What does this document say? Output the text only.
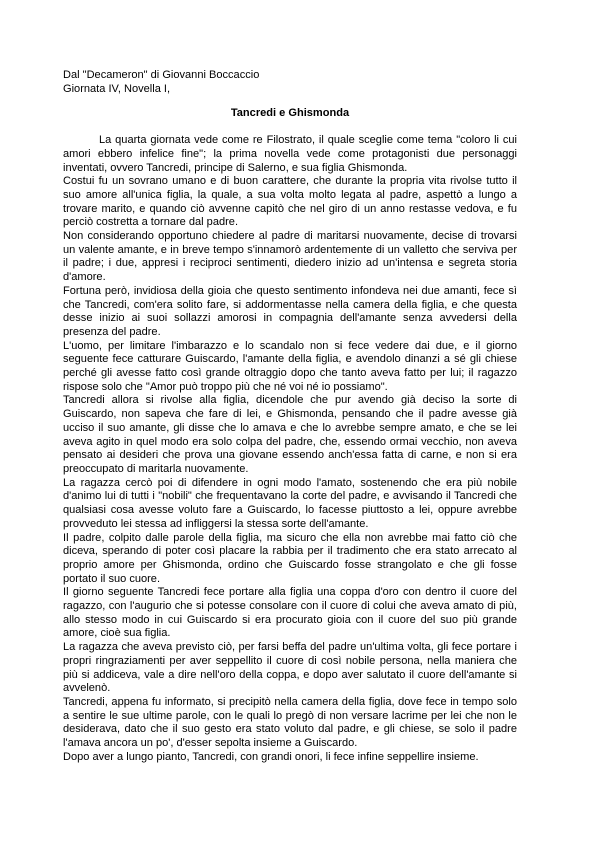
Dal "Decameron" di Giovanni Boccaccio
Giornata IV, Novella I,
Tancredi e Ghismonda

La quarta giornata vede come re Filostrato, il quale sceglie come tema "coloro li cui amori ebbero infelice fine"; la prima novella vede come protagonisti due personaggi inventati, ovvero Tancredi, principe di Salerno, e sua figlia Ghismonda.

Costui fu un sovrano umano e di buon carattere, che durante la propria vita rivolse tutto il suo amore all'unica figlia, la quale, a sua volta molto legata al padre, aspettò a lungo a trovare marito, e quando ciò avvenne capitò che nel giro di un anno restasse vedova, e fu perciò costretta a tornare dal padre.

Non considerando opportuno chiedere al padre di maritarsi nuovamente, decise di trovarsi un valente amante, e in breve tempo s'innamorò ardentemente di un valletto che serviva per il padre; i due, appresi i reciproci sentimenti, diedero inizio ad un'intensa e segreta storia d'amore.

Fortuna però, invidiosa della gioia che questo sentimento infondeva nei due amanti, fece sì che Tancredi, com'era solito fare, si addormentasse nella camera della figlia, e che questa desse inizio ai suoi sollazzi amorosi in compagnia dell'amante senza avvedersi della presenza del padre.

L'uomo, per limitare l'imbarazzo e lo scandalo non si fece vedere dai due, e il giorno seguente fece catturare Guiscardo, l'amante della figlia, e avendolo dinanzi a sé gli chiese perché gli avesse fatto così grande oltraggio dopo che tanto aveva fatto per lui; il ragazzo rispose solo che "Amor può troppo più che né voi né io possiamo".

Tancredi allora si rivolse alla figlia, dicendole che pur avendo già deciso la sorte di Guiscardo, non sapeva che fare di lei, e Ghismonda, pensando che il padre avesse già ucciso il suo amante, gli disse che lo amava e che lo avrebbe sempre amato, e che se lei aveva agito in quel modo era solo colpa del padre, che, essendo ormai vecchio, non aveva pensato ai desideri che prova una giovane essendo anch'essa fatta di carne, e non si era preoccupato di maritarla nuovamente.

La ragazza cercò poi di difendere in ogni modo l'amato, sostenendo che era più nobile d'animo lui di tutti i "nobili" che frequentavano la corte del padre, e avvisando il Tancredi che qualsiasi cosa avesse voluto fare a Guiscardo, lo facesse piuttosto a lei, oppure avrebbe provveduto lei stessa ad infliggersi la stessa sorte dell'amante.

Il padre, colpito dalle parole della figlia, ma sicuro che ella non avrebbe mai fatto ciò che diceva, sperando di poter così placare la rabbia per il tradimento che era stato arrecato al proprio amore per Ghismonda, ordino che Guiscardo fosse strangolato e che gli fosse portato il suo cuore.

Il giorno seguente Tancredi fece portare alla figlia una coppa d'oro con dentro il cuore del ragazzo, con l'augurio che si potesse consolare con il cuore di colui che aveva amato di più, allo stesso modo in cui Guiscardo si era procurato gioia con il cuore del suo più grande amore, cioè sua figlia.

La ragazza che aveva previsto ciò, per farsi beffa del padre un'ultima volta, gli fece portare i propri ringraziamenti per aver seppellito il cuore di così nobile persona, nella maniera che più si addiceva, vale a dire nell'oro della coppa, e dopo aver salutato il cuore dell'amante si avvelenò.

Tancredi, appena fu informato, si precipitò nella camera della figlia, dove fece in tempo solo a sentire le sue ultime parole, con le quali lo pregò di non versare lacrime per lei che non le desiderava, dato che il suo gesto era stato voluto dal padre, e gli chiese, se solo il padre l'amava ancora un po', d'esser sepolta insieme a Guiscardo.

Dopo aver a lungo pianto, Tancredi, con grandi onori, li fece infine seppellire insieme.
